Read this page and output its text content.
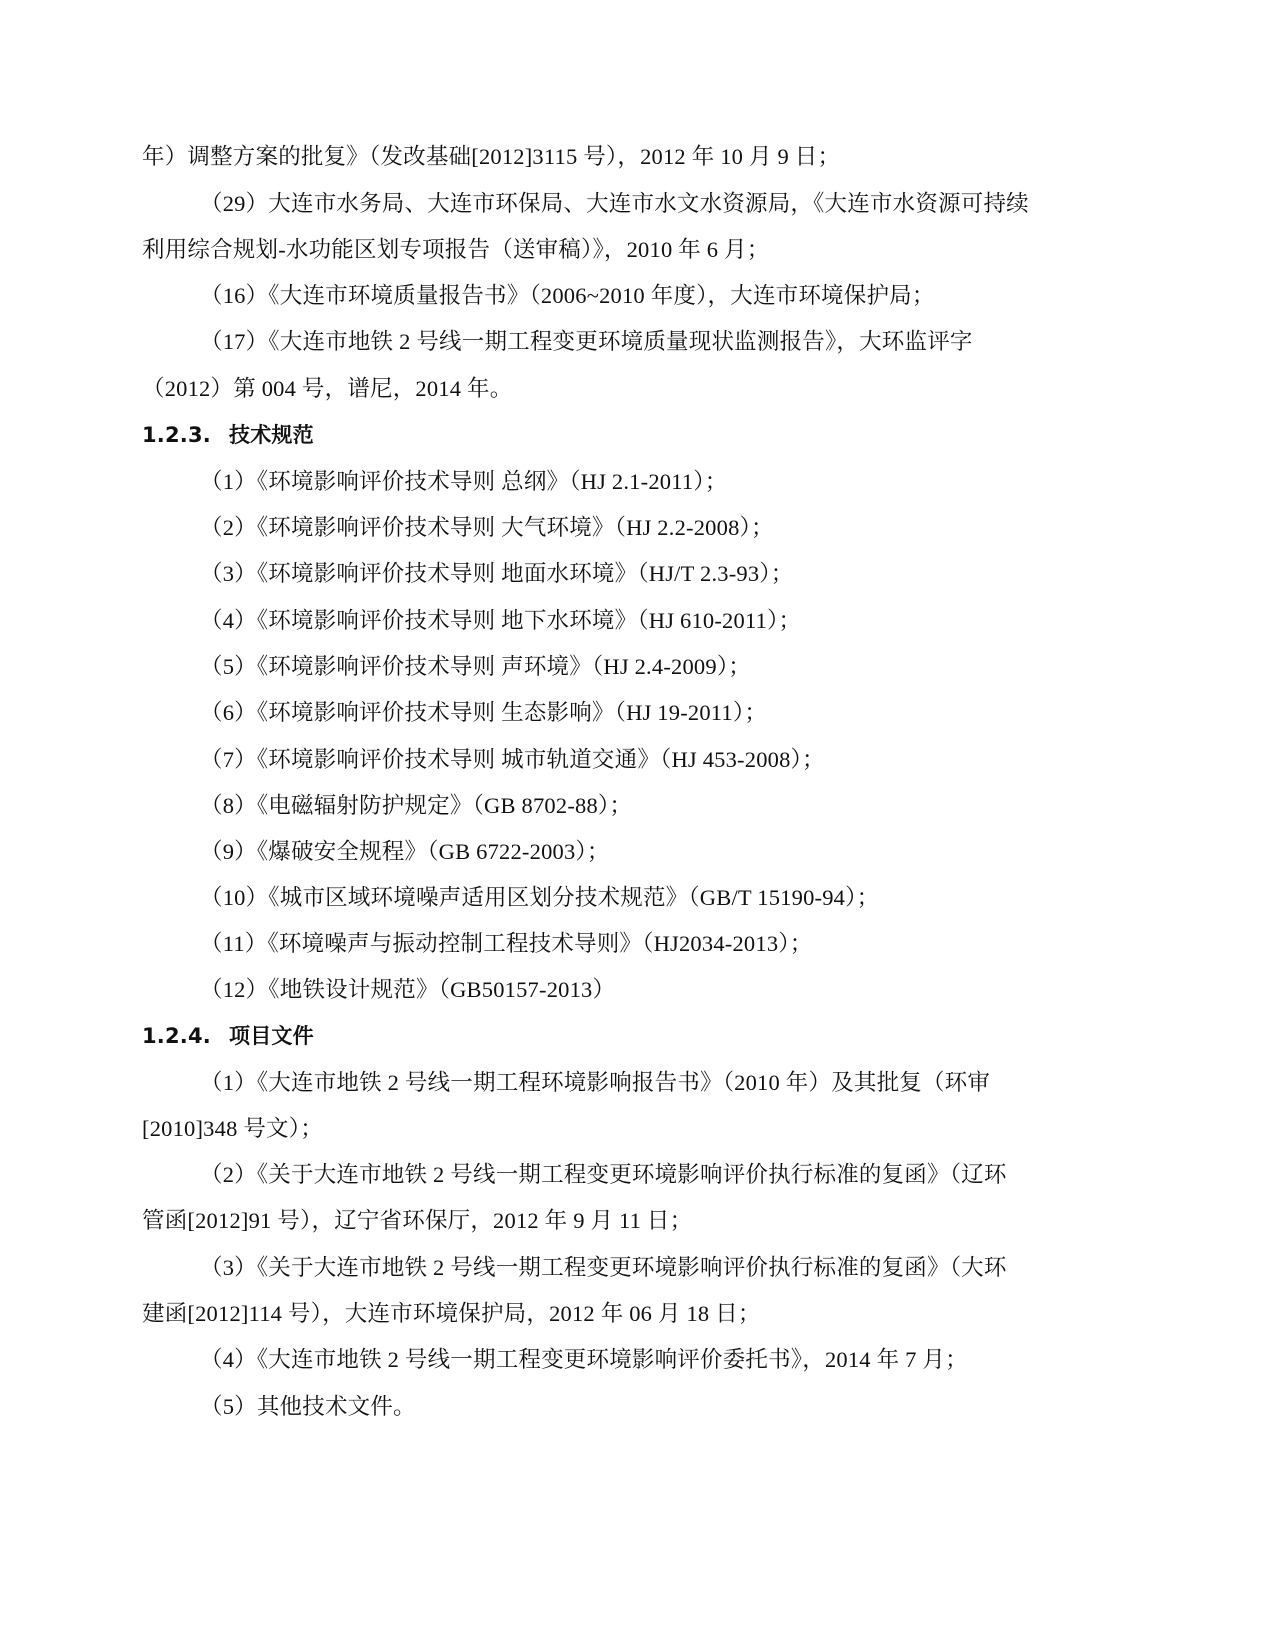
年）调整方案的批复》（发改基础[2012]3115 号），2012 年 10 月 9 日；
（29）大连市水务局、大连市环保局、大连市水文水资源局，《大连市水资源可持续
利用综合规划-水功能区划专项报告（送审稿）》，2010 年 6 月；
（16）《大连市环境质量报告书》（2006~2010 年度），大连市环境保护局；
（17）《大连市地铁 2 号线一期工程变更环境质量现状监测报告》，大环监评字
（2012）第 004 号，谱尼，2014 年。
1.2.3. 技术规范
（1）《环境影响评价技术导则 总纲》（HJ 2.1-2011）；
（2）《环境影响评价技术导则 大气环境》（HJ 2.2-2008）；
（3）《环境影响评价技术导则 地面水环境》（HJ/T 2.3-93）；
（4）《环境影响评价技术导则 地下水环境》（HJ 610-2011）；
（5）《环境影响评价技术导则 声环境》（HJ 2.4-2009）；
（6）《环境影响评价技术导则 生态影响》（HJ 19-2011）；
（7）《环境影响评价技术导则 城市轨道交通》（HJ 453-2008）；
（8）《电磁辐射防护规定》（GB 8702-88）；
（9）《爆破安全规程》（GB 6722-2003）；
（10）《城市区域环境噪声适用区划分技术规范》（GB/T 15190-94）；
（11）《环境噪声与振动控制工程技术导则》（HJ2034-2013）；
（12）《地铁设计规范》（GB50157-2013）
1.2.4. 项目文件
（1）《大连市地铁 2 号线一期工程环境影响报告书》（2010 年）及其批复（环审
[2010]348 号文）；
（2）《关于大连市地铁 2 号线一期工程变更环境影响评价执行标准的复函》（辽环
管函[2012]91 号），辽宁省环保厅，2012 年 9 月 11 日；
（3）《关于大连市地铁 2 号线一期工程变更环境影响评价执行标准的复函》（大环
建函[2012]114 号），大连市环境保护局，2012 年 06 月 18 日；
（4）《大连市地铁 2 号线一期工程变更环境影响评价委托书》，2014 年 7 月；
（5）其他技术文件。
